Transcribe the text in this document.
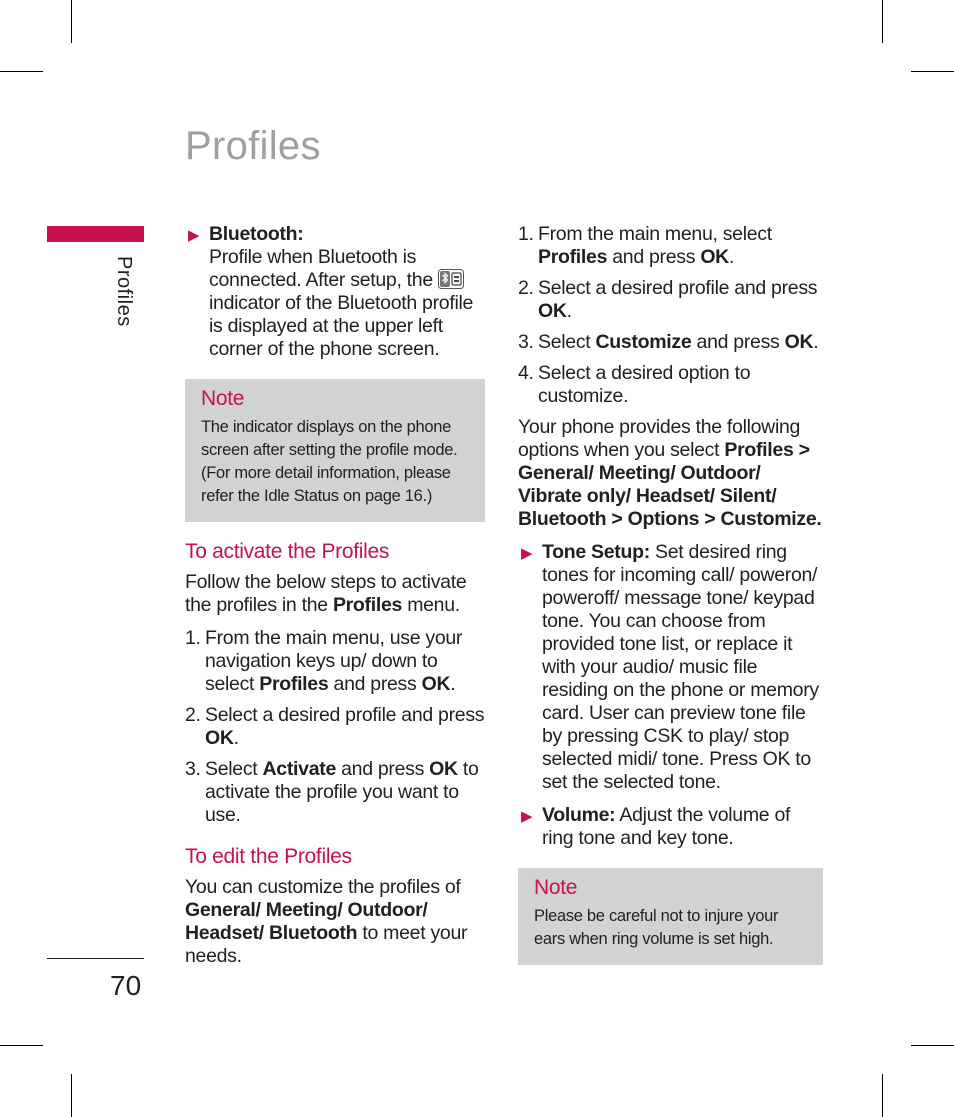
Profiles
Profiles
70
▶ Bluetooth:

Profile when Bluetooth is connected. After setup, the  indicator of the Bluetooth profile is displayed at the upper left corner of the phone screen.

Note
The indicator displays on the phone screen after setting the profile mode. (For more detail information, please refer the Idle Status on page 16.)
To activate the Profiles

Follow the below steps to activate the profiles in the Profiles menu.

1. From the main menu, use your navigation keys up/ down to select Profiles and press OK.
2. Select a desired profile and press OK.
3. Select Activate and press OK to activate the profile you want to use.
To edit the Profiles

You can customize the profiles of General/ Meeting/ Outdoor/ Headset/ Bluetooth to meet your needs.

1. From the main menu, select Profiles and press OK.
2. Select a desired profile and press OK.
3. Select Customize and press OK.
4. Select a desired option to customize.

Your phone provides the following options when you select Profiles > General/ Meeting/ Outdoor/ Vibrate only/ Headset/ Silent/ Bluetooth > Options > Customize.

▶ Tone Setup: Set desired ring tones for incoming call/ poweron/ poweroff/ message tone/ keypad tone. You can choose from provided tone list, or replace it with your audio/ music file residing on the phone or memory card. User can preview tone file by pressing CSK to play/ stop selected midi/ tone. Press OK to set the selected tone.
▶ Volume: Adjust the volume of ring tone and key tone.
Note
Please be careful not to injure your ears when ring volume is set high.
